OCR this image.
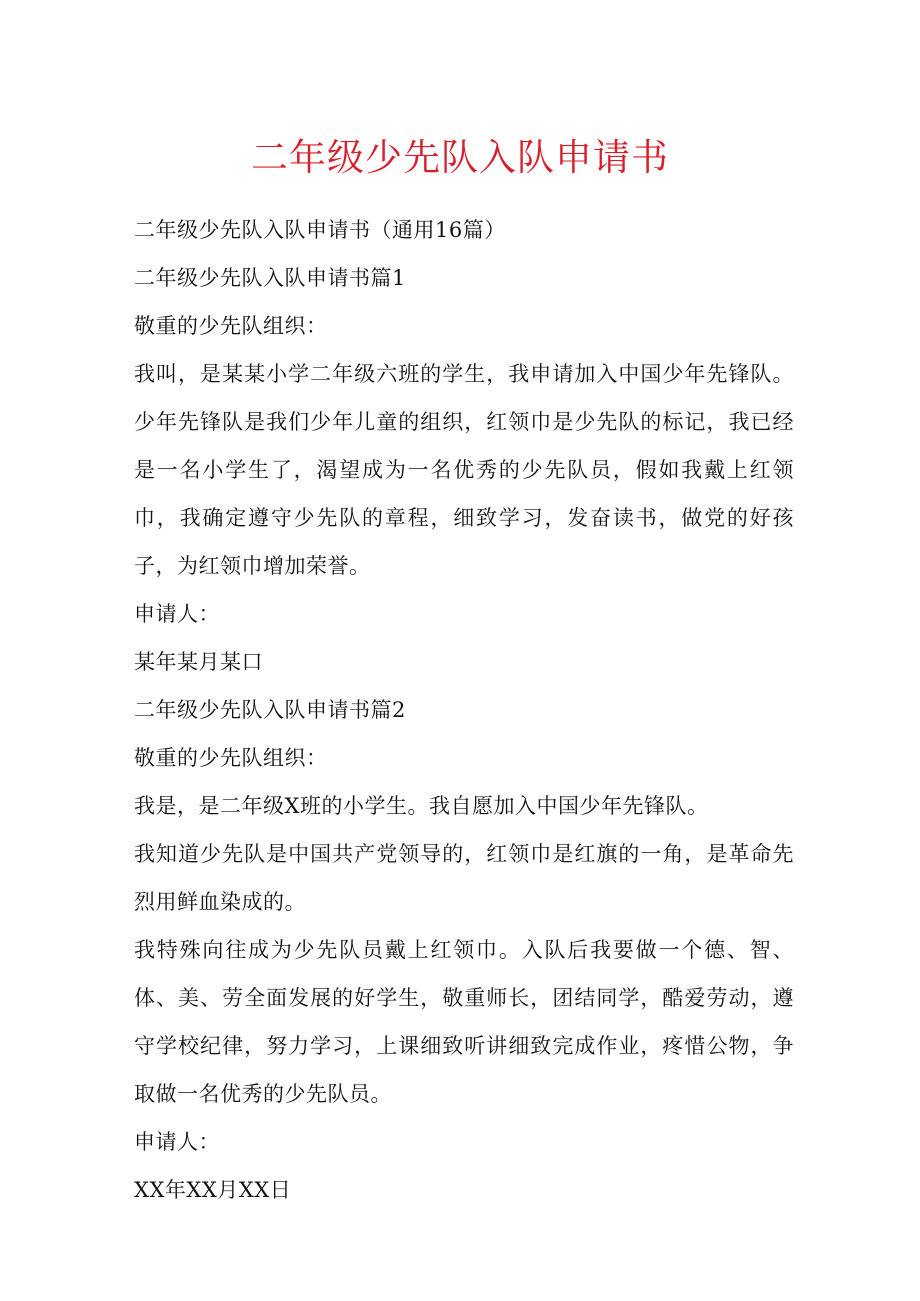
二年级少先队入队申请书

二年级少先队入队申请书（通用16篇）

二年级少先队入队申请书篇1

敬重的少先队组织：

我叫，是某某小学二年级六班的学生，我申请加入中国少年先锋队。少年先锋队是我们少年儿童的组织，红领巾是少先队的标记，我已经是一名小学生了，渴望成为一名优秀的少先队员，假如我戴上红领巾，我确定遵守少先队的章程，细致学习，发奋读书，做党的好孩子，为红领巾增加荣誉。

申请人：

某年某月某口

二年级少先队入队申请书篇2

敬重的少先队组织：

我是，是二年级X班的小学生。我自愿加入中国少年先锋队。

我知道少先队是中国共产党领导的，红领巾是红旗的一角，是革命先烈用鲜血染成的。

我特殊向往成为少先队员戴上红领巾。入队后我要做一个德、智、体、美、劳全面发展的好学生，敬重师长，团结同学，酷爱劳动，遵守学校纪律，努力学习，上课细致听讲细致完成作业，疼惜公物，争取做一名优秀的少先队员。

申请人：

XX年XX月XX日
